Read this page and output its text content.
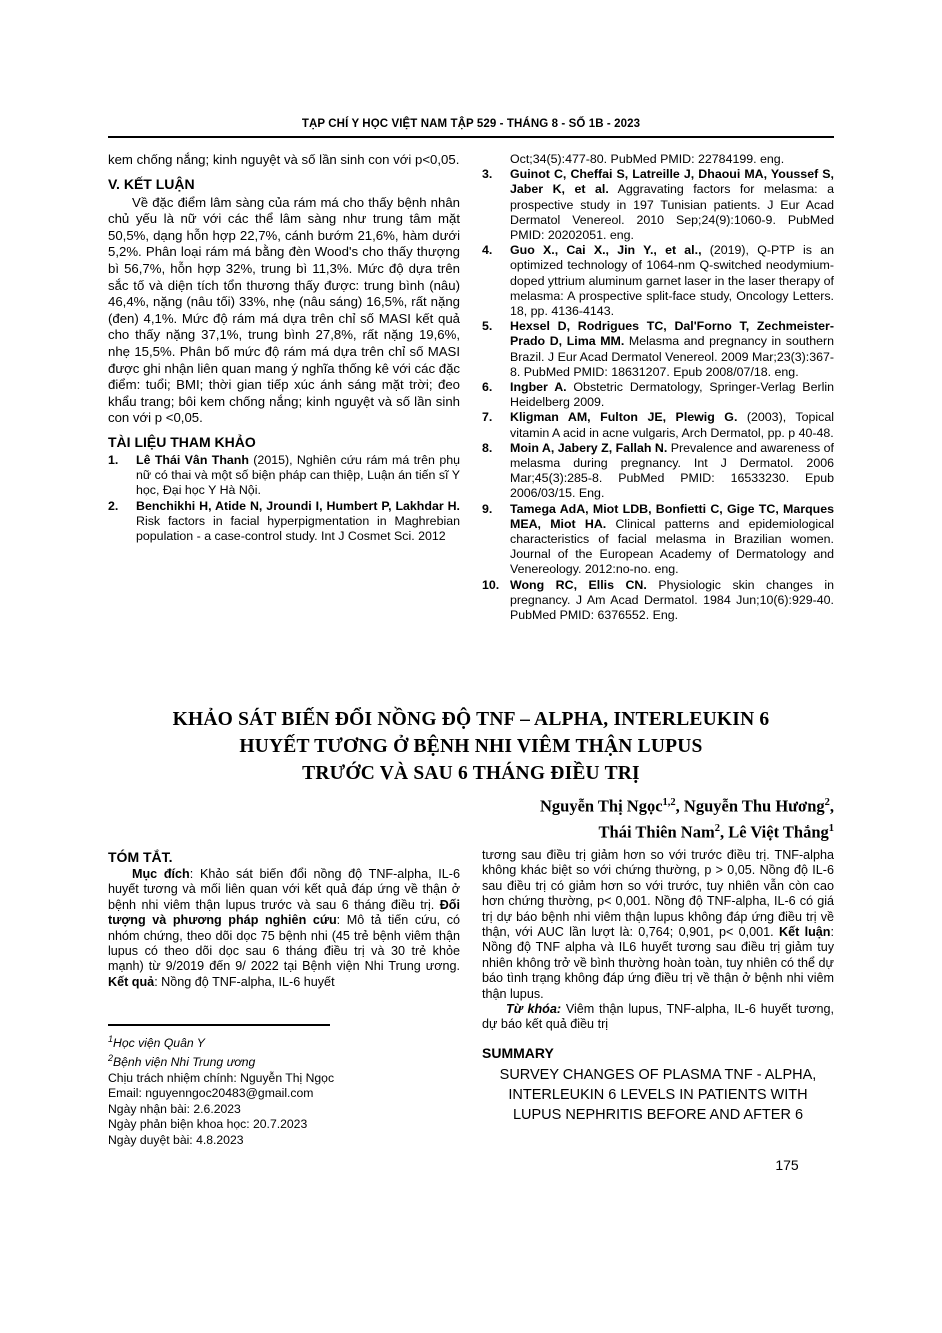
TẠP CHÍ Y HỌC VIỆT NAM TẬP 529 - THÁNG 8 - SỐ 1B - 2023

kem chống nắng; kinh nguyệt và số lần sinh con với p<0,05.

V. KẾT LUẬN

Về đặc điểm lâm sàng của rám má cho thấy bệnh nhân chủ yếu là nữ với các thể lâm sàng như trung tâm mặt 50,5%, dạng hỗn hợp 22,7%, cánh bướm 21,6%, hàm dưới 5,2%. Phân loại rám má bằng đèn Wood's cho thấy thượng bì 56,7%, hỗn hợp 32%, trung bì 11,3%. Mức độ dựa trên sắc tố và diện tích tổn thương thấy được: trung bình (nâu) 46,4%, nặng (nâu tối) 33%, nhẹ (nâu sáng) 16,5%, rất nặng (đen) 4,1%. Mức độ rám má dựa trên chỉ số MASI kết quả cho thấy nặng 37,1%, trung bình 27,8%, rất nặng 19,6%, nhẹ 15,5%. Phân bố mức độ rám má dựa trên chỉ số MASI được ghi nhận liên quan mang ý nghĩa thống kê với các đặc điểm: tuổi; BMI; thời gian tiếp xúc ánh sáng mặt trời; đeo khẩu trang; bôi kem chống nắng; kinh nguyệt và số lần sinh con với p <0,05.

TÀI LIỆU THAM KHẢO
1.	Lê Thái Vân Thanh (2015), Nghiên cứu rám má trên phụ nữ có thai và một số biện pháp can thiệp, Luận án tiến sĩ Y học, Đại học Y Hà Nội.
2.	Benchikhi H, Atide N, Jroundi I, Humbert P, Lakhdar H. Risk factors in facial hyperpigmentation in Maghrebian population - a case-control study. Int J Cosmet Sci. 2012

Oct;34(5):477-80. PubMed PMID: 22784199. eng.

3.	Guinot C, Cheffai S, Latreille J, Dhaoui MA, Youssef S, Jaber K, et al. Aggravating factors for melasma: a prospective study in 197 Tunisian patients. J Eur Acad Dermatol Venereol. 2010 Sep;24(9):1060-9. PubMed PMID: 20202051. eng.
4.	Guo X., Cai X., Jin Y., et al., (2019), Q-PTP is an optimized technology of 1064-nm Q-switched neodymium-doped yttrium aluminum garnet laser in the laser therapy of melasma: A prospective split-face study, Oncology Letters. 18, pp. 4136-4143.
5.	Hexsel D, Rodrigues TC, Dal'Forno T, Zechmeister-Prado D, Lima MM. Melasma and pregnancy in southern Brazil. J Eur Acad Dermatol Venereol. 2009 Mar;23(3):367-8. PubMed PMID: 18631207. Epub 2008/07/18. eng.
6.	Ingber A. Obstetric Dermatology, Springer-Verlag Berlin Heidelberg 2009.
7.	Kligman AM, Fulton JE, Plewig G. (2003), Topical vitamin A acid in acne vulgaris, Arch Dermatol, pp. p 40-48.
8.	Moin A, Jabery Z, Fallah N. Prevalence and awareness of melasma during pregnancy. Int J Dermatol. 2006 Mar;45(3):285-8. PubMed PMID: 16533230. Epub 2006/03/15. Eng.
9.	Tamega AdA, Miot LDB, Bonfietti C, Gige TC, Marques MEA, Miot HA. Clinical patterns and epidemiological characteristics of facial melasma in Brazilian women. Journal of the European Academy of Dermatology and Venereology. 2012:no-no. eng.
10. Wong RC, Ellis CN. Physiologic skin changes in pregnancy. J Am Acad Dermatol. 1984 Jun;10(6):929-40. PubMed PMID: 6376552. Eng.
KHẢO SÁT BIẾN ĐỔI NỒNG ĐỘ TNF – ALPHA, INTERLEUKIN 6
HUYẾT TƯƠNG Ở BỆNH NHI VIÊM THẬN LUPUS
TRƯỚC VÀ SAU 6 THÁNG ĐIỀU TRỊ
Nguyễn Thị Ngọc$^{1,2}$, Nguyễn Thu Hương$^2$,
Thái Thiên Nam$^2$, Lê Việt Thắng$^1$
TÓM TẮT.

Mục đích: Khảo sát biến đổi nồng độ TNF-alpha, IL-6 huyết tương và mối liên quan với kết quả đáp ứng về thận ở bệnh nhi viêm thận lupus trước và sau 6 tháng điều trị. Đối tượng và phương pháp nghiên cứu: Mô tả tiến cứu, có nhóm chứng, theo dõi dọc 75 bệnh nhi (45 trẻ bệnh viêm thận lupus có theo dõi dọc sau 6 tháng điều trị và 30 trẻ khỏe mạnh) từ 9/2019 đến 9/ 2022 tại Bệnh viện Nhi Trung ương. Kết quả: Nồng độ TNF-alpha, IL-6 huyết

$^1$Học viện Quân Y
$^2$Bệnh viện Nhi Trung ương
Chịu trách nhiệm chính: Nguyễn Thị Ngọc
Email: nguyenngoc20483@gmail.com
Ngày nhận bài: 2.6.2023
Ngày phản biện khoa học: 20.7.2023
Ngày duyệt bài: 4.8.2023

tương sau điều trị giảm hơn so với trước điều trị. TNF-alpha không khác biệt so với chứng thường, p > 0,05. Nồng độ IL-6 sau điều trị có giảm hơn so với trước, tuy nhiên vẫn còn cao hơn chứng thường, p< 0,001. Nồng độ TNF-alpha, IL-6 có giá trị dự báo bệnh nhi viêm thận lupus không đáp ứng điều trị về thận, với AUC lần lượt là: 0,764; 0,901, p< 0,001. Kết luận: Nồng độ TNF alpha và IL6 huyết tương sau điều trị giảm tuy nhiên không trở về bình thường hoàn toàn, tuy nhiên có thể dự báo tình trạng không đáp ứng điều trị về thận ở bệnh nhi viêm thận lupus.

Từ khóa: Viêm thận lupus, TNF-alpha, IL-6 huyết tương, dự báo kết quả điều trị

SUMMARY
SURVEY CHANGES OF PLASMA TNF - ALPHA,
INTERLEUKIN 6 LEVELS IN PATIENTS WITH
LUPUS NEPHRITIS BEFORE AND AFTER 6
175
